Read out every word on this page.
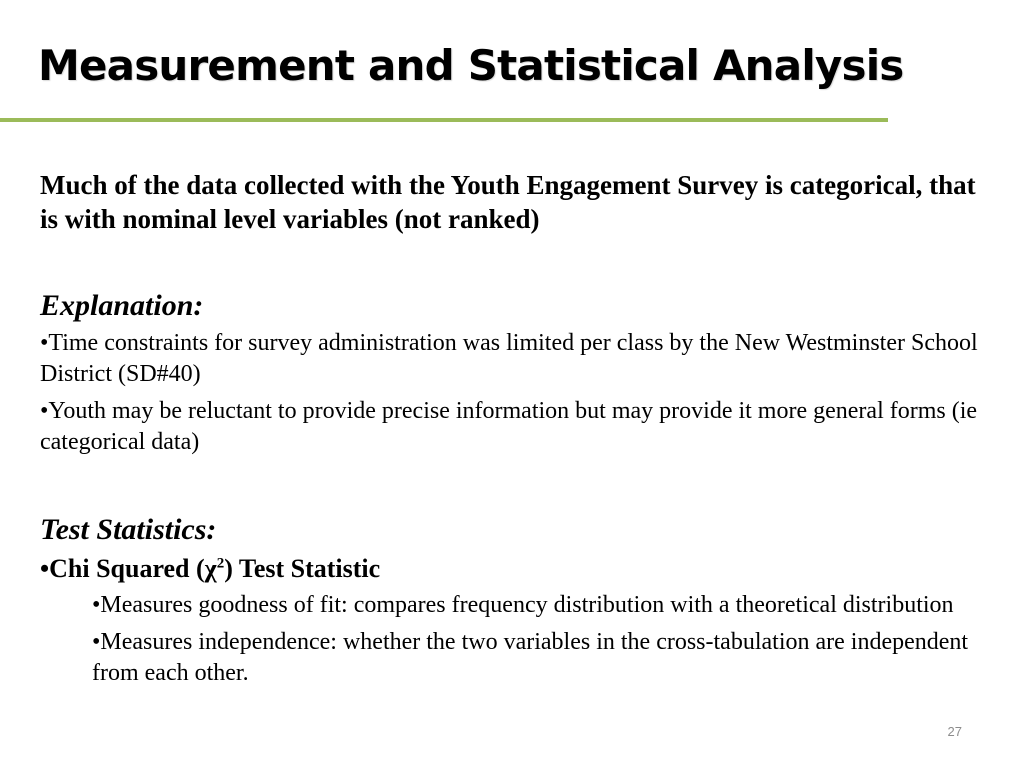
Measurement and Statistical Analysis

Much of the data collected with the Youth Engagement Survey is categorical, that is with nominal level variables (not ranked)

Explanation:

•Time constraints for survey administration was limited per class by the New Westminster School District (SD#40)

•Youth may be reluctant to provide precise information but may provide it more general forms (ie categorical data)

Test Statistics:

•Chi Squared $(\chi^2)$ Test Statistic

•Measures goodness of fit: compares frequency distribution with a theoretical distribution

•Measures independence: whether the two variables in the cross-tabulation are independent from each other.

27
